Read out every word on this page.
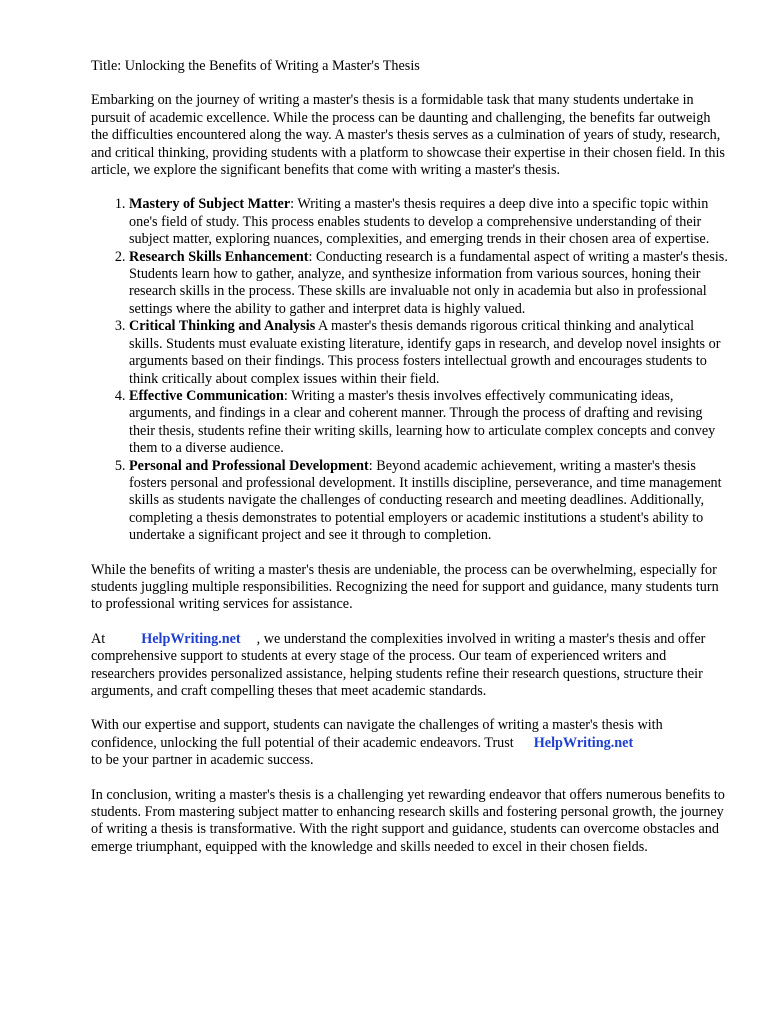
Title: Unlocking the Benefits of Writing a Master's Thesis

Embarking on the journey of writing a master's thesis is a formidable task that many students undertake in pursuit of academic excellence. While the process can be daunting and challenging, the benefits far outweigh the difficulties encountered along the way. A master's thesis serves as a culmination of years of study, research, and critical thinking, providing students with a platform to showcase their expertise in their chosen field. In this article, we explore the significant benefits that come with writing a master's thesis.

1. Mastery of Subject Matter: Writing a master's thesis requires a deep dive into a specific topic within one's field of study. This process enables students to develop a comprehensive understanding of their subject matter, exploring nuances, complexities, and emerging trends in their chosen area of expertise.
2. Research Skills Enhancement: Conducting research is a fundamental aspect of writing a master's thesis. Students learn how to gather, analyze, and synthesize information from various sources, honing their research skills in the process. These skills are invaluable not only in academia but also in professional settings where the ability to gather and interpret data is highly valued.
3. Critical Thinking and Analysis A master's thesis demands rigorous critical thinking and analytical skills. Students must evaluate existing literature, identify gaps in research, and develop novel insights or arguments based on their findings. This process fosters intellectual growth and encourages students to think critically about complex issues within their field.
4. Effective Communication: Writing a master's thesis involves effectively communicating ideas, arguments, and findings in a clear and coherent manner. Through the process of drafting and revising their thesis, students refine their writing skills, learning how to articulate complex concepts and convey them to a diverse audience.
5. Personal and Professional Development: Beyond academic achievement, writing a master's thesis fosters personal and professional development. It instills discipline, perseverance, and time management skills as students navigate the challenges of conducting research and meeting deadlines. Additionally, completing a thesis demonstrates to potential employers or academic institutions a student's ability to undertake a significant project and see it through to completion.

While the benefits of writing a master's thesis are undeniable, the process can be overwhelming, especially for students juggling multiple responsibilities. Recognizing the need for support and guidance, many students turn to professional writing services for assistance.

At	HelpWriting.net , we understand the complexities involved in writing a master's thesis and offer comprehensive support to students at every stage of the process. Our team of experienced writers and researchers provides personalized assistance, helping students refine their research questions, structure their arguments, and craft compelling theses that meet academic standards.

With our expertise and support, students can navigate the challenges of writing a master's thesis with confidence, unlocking the full potential of their academic endeavors. Trust HelpWriting.net
to be your partner in academic success.

In conclusion, writing a master's thesis is a challenging yet rewarding endeavor that offers numerous benefits to students. From mastering subject matter to enhancing research skills and fostering personal growth, the journey of writing a thesis is transformative. With the right support and guidance, students can overcome obstacles and emerge triumphant, equipped with the knowledge and skills needed to excel in their chosen fields.
